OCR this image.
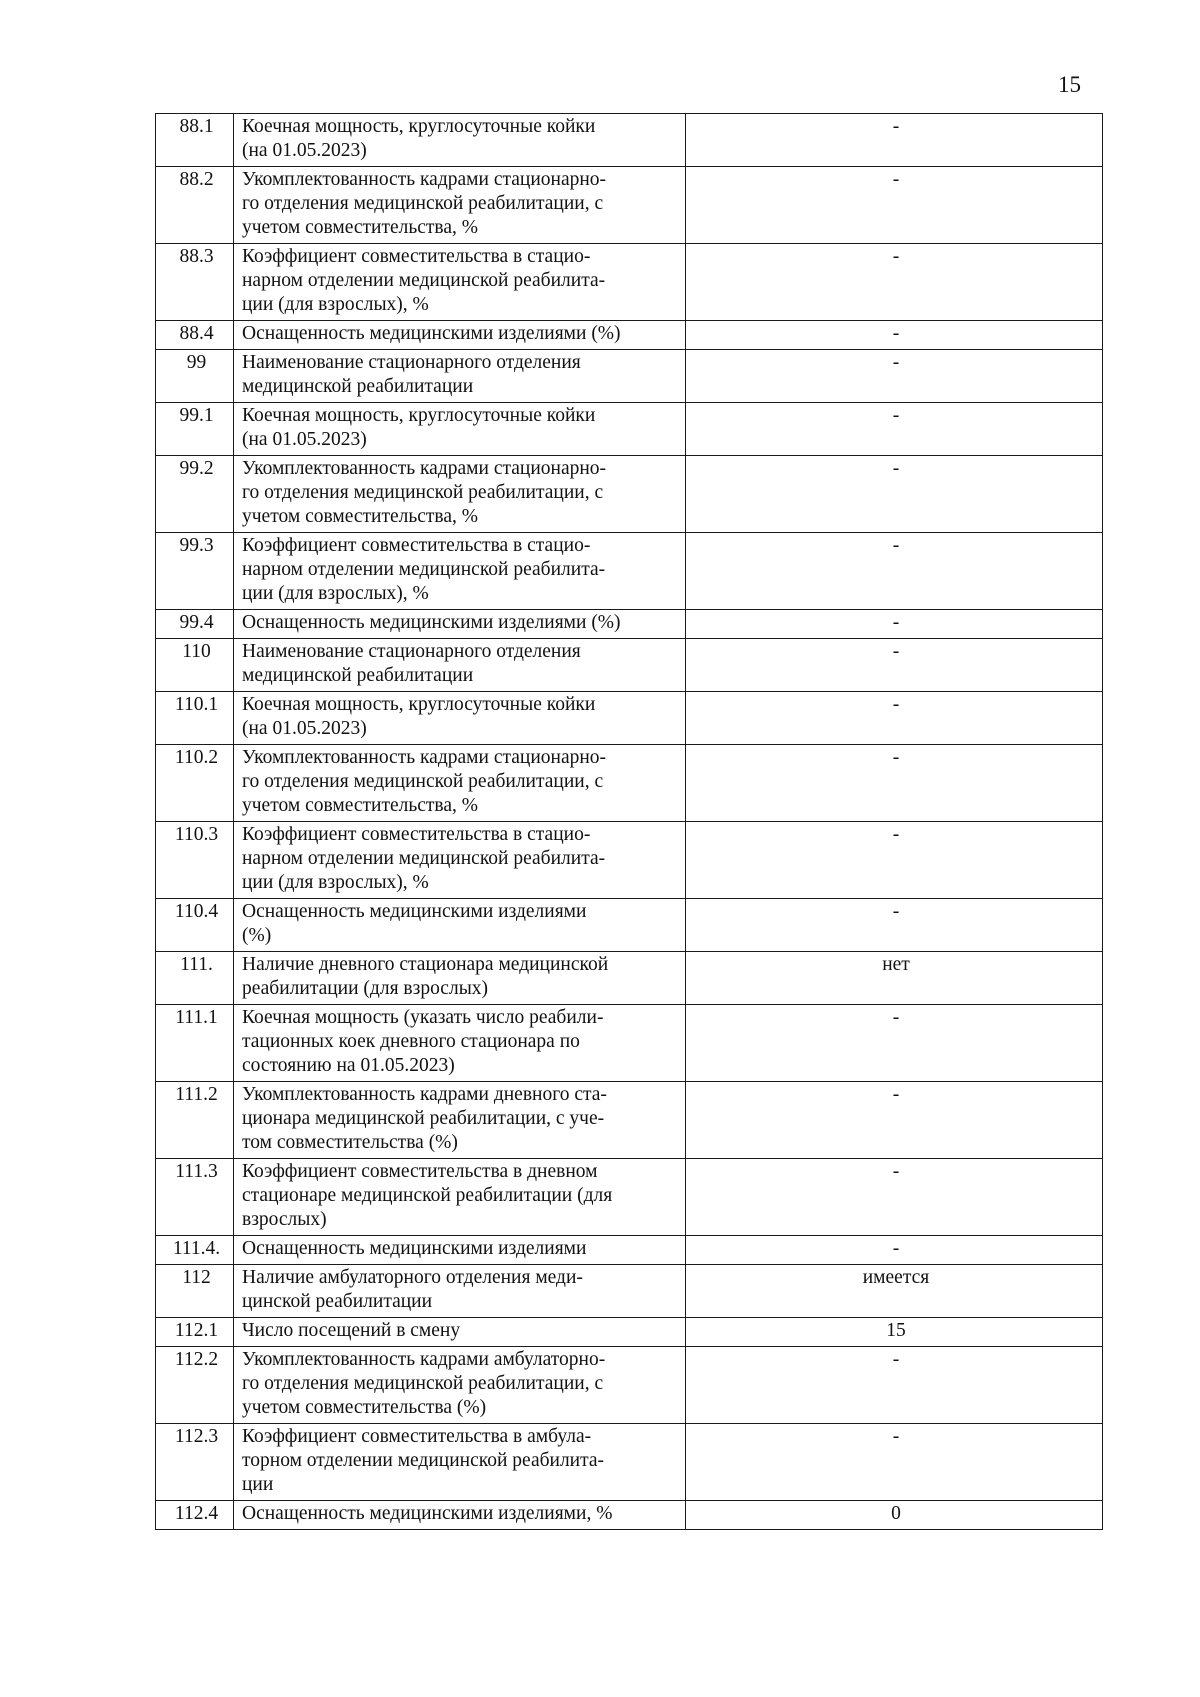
15
88.1	Коечная мощность, круглосуточные койки
(на 01.05.2023)	-
88.2	Укомплектованность кадрами стационарно-
го отделения медицинской реабилитации, с
учетом совместительства, %	-
88.3	Коэффициент совместительства в стацио-
нарном отделении медицинской реабилита-
ции (для взрослых), %	-
88.4	Оснащенность медицинскими изделиями (%)	-
99	Наименование стационарного отделения
медицинской реабилитации	-
99.1	Коечная мощность, круглосуточные койки
(на 01.05.2023)	-
99.2	Укомплектованность кадрами стационарно-
го отделения медицинской реабилитации, с
учетом совместительства, %	-
99.3	Коэффициент совместительства в стацио-
нарном отделении медицинской реабилита-
ции (для взрослых), %	-
99.4	Оснащенность медицинскими изделиями (%)	-
110	Наименование стационарного отделения
медицинской реабилитации	-
110.1	Коечная мощность, круглосуточные койки
(на 01.05.2023)	-
110.2	Укомплектованность кадрами стационарно-
го отделения медицинской реабилитации, с
учетом совместительства, %	-
110.3	Коэффициент совместительства в стацио-
нарном отделении медицинской реабилита-
ции (для взрослых), %	-
110.4	Оснащенность медицинскими изделиями
(%)	-
111.	Наличие дневного стационара медицинской
реабилитации (для взрослых)	нет
111.1	Коечная мощность (указать число реабили-
тационных коек дневного стационара по
состоянию на 01.05.2023)	-
111.2	Укомплектованность кадрами дневного ста-
ционара медицинской реабилитации, с уче-
том совместительства (%)	-
111.3	Коэффициент совместительства в дневном
стационаре медицинской реабилитации (для
взрослых)	-
111.4.	Оснащенность медицинскими изделиями	-
112	Наличие амбулаторного отделения меди-
цинской реабилитации	имеется
112.1	Число посещений в смену	15
112.2	Укомплектованность кадрами амбулаторно-
го отделения медицинской реабилитации, с
учетом совместительства (%)	-
112.3	Коэффициент совместительства в амбула-
торном отделении медицинской реабилита-
ции	-
112.4	Оснащенность медицинскими изделиями, %	0
